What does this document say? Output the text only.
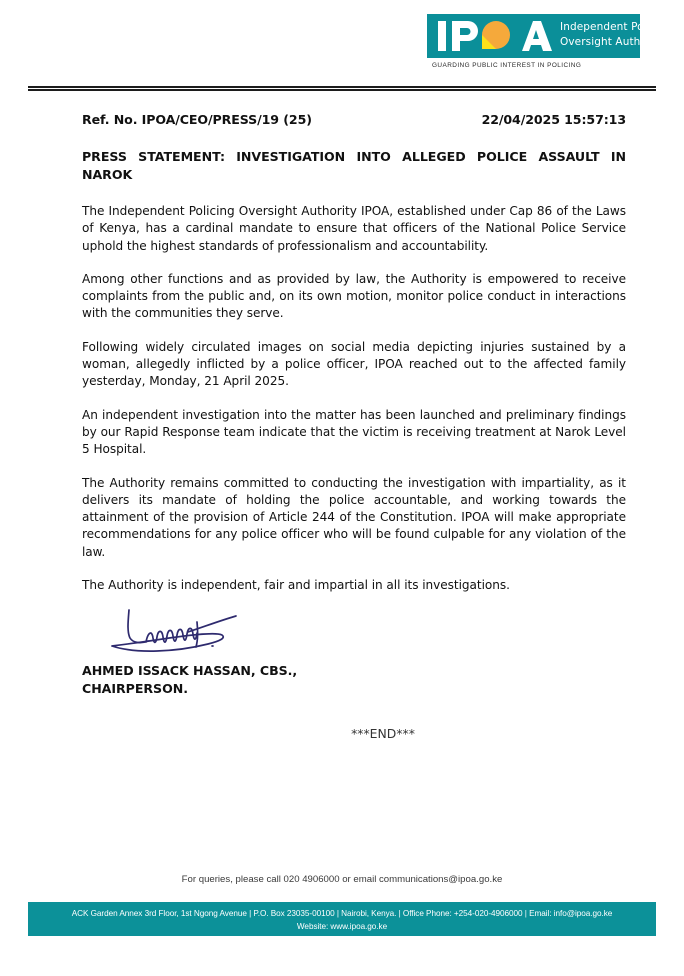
Independent Policing
Oversight Authority
GUARDING PUBLIC INTEREST IN POLICING
Ref. No. IPOA/CEO/PRESS/19 (25)	22/04/2025 15:57:13
PRESS STATEMENT: INVESTIGATION INTO ALLEGED POLICE ASSAULT IN NAROK

The Independent Policing Oversight Authority IPOA, established under Cap 86 of the Laws of Kenya, has a cardinal mandate to ensure that officers of the National Police Service uphold the highest standards of professionalism and accountability.

Among other functions and as provided by law, the Authority is empowered to receive complaints from the public and, on its own motion, monitor police conduct in interactions with the communities they serve.

Following widely circulated images on social media depicting injuries sustained by a woman, allegedly inflicted by a police officer, IPOA reached out to the affected family yesterday, Monday, 21 April 2025.

An independent investigation into the matter has been launched and preliminary findings by our Rapid Response team indicate that the victim is receiving treatment at Narok Level 5 Hospital.

The Authority remains committed to conducting the investigation with impartiality, as it delivers its mandate of holding the police accountable, and working towards the attainment of the provision of Article 244 of the Constitution. IPOA will make appropriate recommendations for any police officer who will be found culpable for any violation of the law.

The Authority is independent, fair and impartial in all its investigations.

AHMED ISSACK HASSAN, CBS.,
CHAIRPERSON.
***END***
For queries, please call 020 4906000 or email communications@ipoa.go.ke
ACK Garden Annex 3rd Floor, 1st Ngong Avenue | P.O. Box 23035-00100 | Nairobi, Kenya. | Office Phone: +254-020-4906000 | Email: info@ipoa.go.ke
Website: www.ipoa.go.ke
